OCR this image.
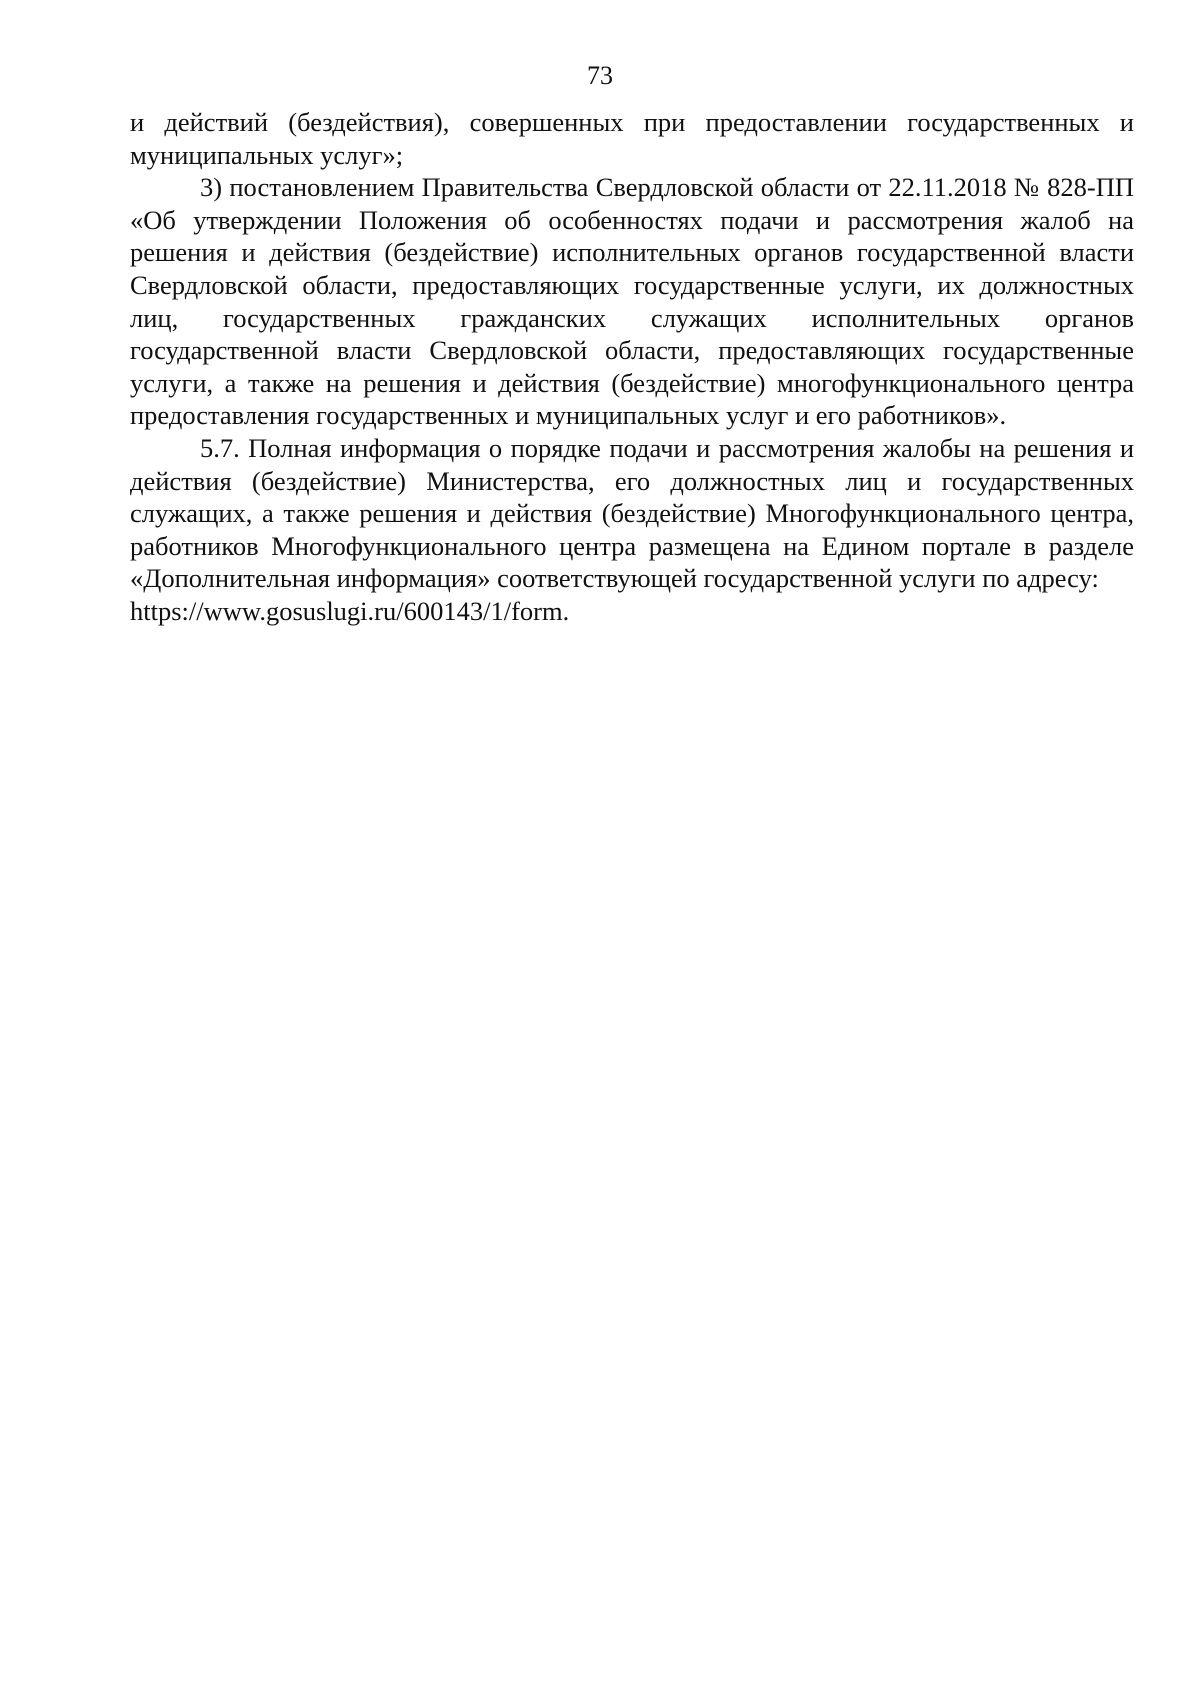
73

и действий (бездействия), совершенных при предоставлении государственных и муниципальных услуг»;

3) постановлением Правительства Свердловской области от 22.11.2018 № 828-ПП «Об утверждении Положения об особенностях подачи и рассмотрения жалоб на решения и действия (бездействие) исполнительных органов государственной власти Свердловской области, предоставляющих государственные услуги, их должностных лиц, государственных гражданских служащих исполнительных органов государственной власти Свердловской области, предоставляющих государственные услуги, а также на решения и действия (бездействие) многофункционального центра предоставления государственных и муниципальных услуг и его работников».

5.7. Полная информация о порядке подачи и рассмотрения жалобы на решения и действия (бездействие) Министерства, его должностных лиц и государственных служащих, а также решения и действия (бездействие) Многофункционального центра, работников Многофункционального центра размещена на Едином портале в разделе «Дополнительная информация» соответствующей государственной услуги по адресу:

https://www.gosuslugi.ru/600143/1/form.
